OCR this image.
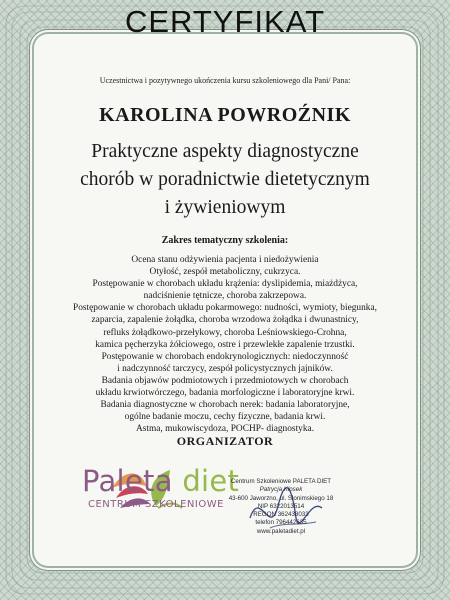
CERTYFIKAT
Uczestnictwa i pozytywnego ukończenia kursu szkoleniowego dla Pani/ Pana:
KAROLINA POWROŹNIK
Praktyczne aspekty diagnostyczne
chorób w poradnictwie dietetycznym
i żywieniowym
Zakres tematyczny szkolenia:
Ocena stanu odżywienia pacjenta i niedożywienia
Otyłość, zespół metaboliczny, cukrzyca.
Postępowanie w chorobach układu krążenia: dyslipidemia, miażdżyca,
nadciśnienie tętnicze, choroba zakrzepowa.
Postępowanie w chorobach układu pokarmowego: nudności, wymioty, biegunka,
zaparcia, zapalenie żołądka, choroba wrzodowa żołądka i dwunastnicy,
refluks żołądkowo-przełykowy, choroba Leśniowskiego-Crohna,
kamica pęcherzyka żółciowego, ostre i przewlekłe zapalenie trzustki.
Postępowanie w chorobach endokrynologicznych: niedoczynność
i nadczynność tarczycy, zespół policystycznych jajników.
Badania objawów podmiotowych i przedmiotowych w chorobach
układu krwiotwórczego, badania morfologiczne i laboratoryjne krwi.
Badania diagnostyczne w chorobach nerek: badania laboratoryjne,
ogólne badanie moczu, cechy fizyczne, badania krwi.
Astma, mukowiscydoza, POCHP- diagnostyka.
ORGANIZATOR
Paleta diet
CENTRUM SZKOLENIOWE
Centrum Szkoleniowe PALETA DIET
Patrycja Kłosek
43-600 Jaworzno, ul. Słonimskiego 18
NIP 6322013514
REGON 362438033
telefon 796442635
www.paletadiet.pl
